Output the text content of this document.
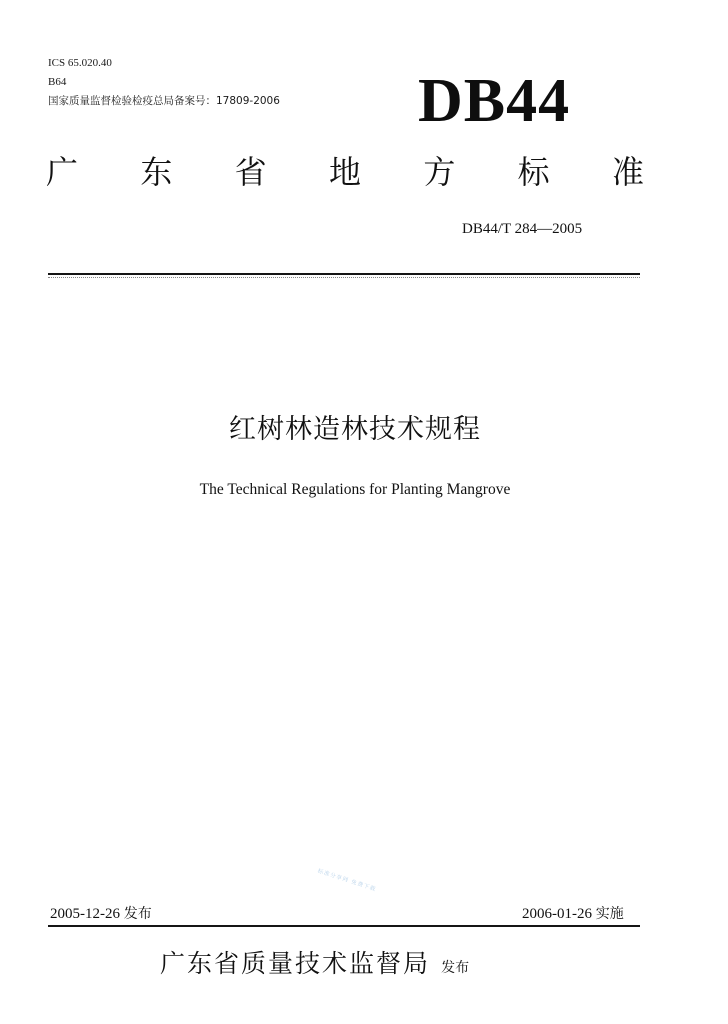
ICS 65.020.40
B64
国家质量监督检验检疫总局备案号：17809-2006 DB44
广 东 省 地 方 标 准
DB44/T 284—2005
红树林造林技术规程
The Technical Regulations for Planting Mangrove
标准分享网 免费下载
2005-12-26 发布	2006-01-26 实施
广东省质量技术监督局 发布
